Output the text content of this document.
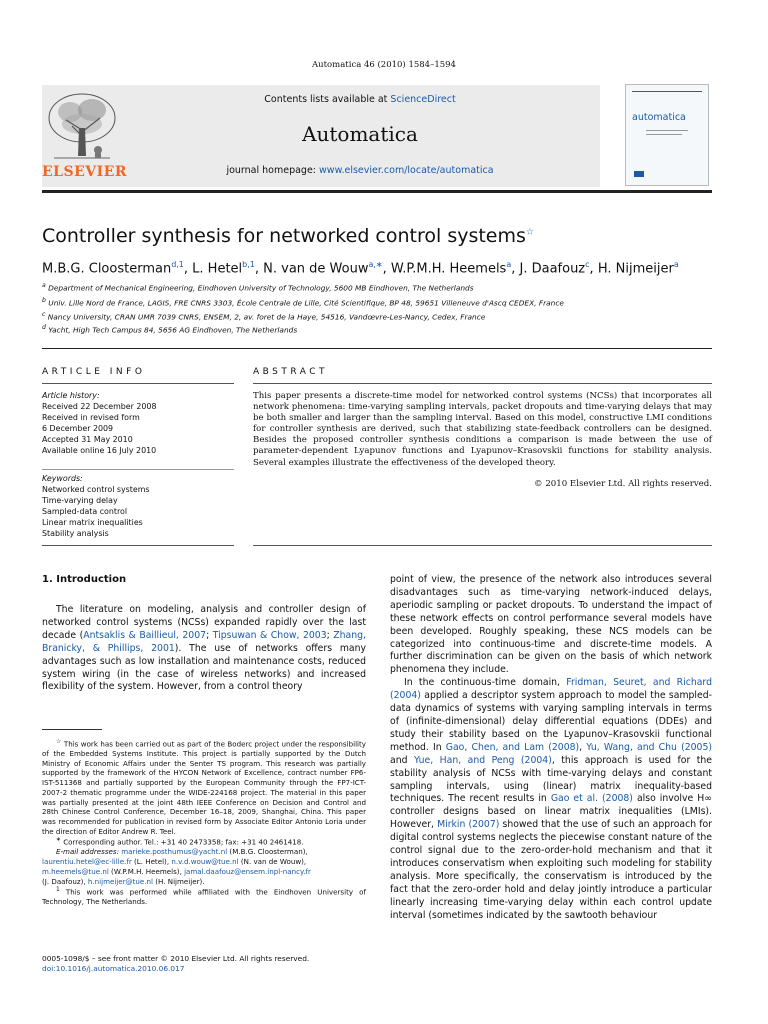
Automatica 46 (2010) 1584–1594
ELSEVIER
Contents lists available at ScienceDirect
Automatica
journal homepage: www.elsevier.com/locate/automatica
automatica
Controller synthesis for networked control systems☆
M.B.G. Cloosterman$^{d,1}$, L. Hetel$^{b,1}$, N. van de Wouw$^{a,∗}$, W.P.M.H. Heemels$^a$, J. Daafouz$^c$, H. Nijmeijer$^a$
$^a$ Department of Mechanical Engineering, Eindhoven University of Technology, 5600 MB Eindhoven, The Netherlands
$^b$ Univ. Lille Nord de France, LAGIS, FRE CNRS 3303, École Centrale de Lille, Cité Scientifique, BP 48, 59651 Villeneuve d'Ascq CEDEX, France
$^c$ Nancy University, CRAN UMR 7039 CNRS, ENSEM, 2, av. foret de la Haye, 54516, Vandœvre-Les-Nancy, Cedex, France
$^d$ Yacht, High Tech Campus 84, 5656 AG Eindhoven, The Netherlands
ARTICLE INFO
Article history:
Received 22 December 2008
Received in revised form
6 December 2009
Accepted 31 May 2010
Available online 16 July 2010
Keywords:
Networked control systems
Time-varying delay
Sampled-data control
Linear matrix inequalities
Stability analysis
ABSTRACT
This paper presents a discrete-time model for networked control systems (NCSs) that incorporates all network phenomena: time-varying sampling intervals, packet dropouts and time-varying delays that may be both smaller and larger than the sampling interval. Based on this model, constructive LMI conditions for controller synthesis are derived, such that stabilizing state-feedback controllers can be designed. Besides the proposed controller synthesis conditions a comparison is made between the use of parameter-dependent Lyapunov functions and Lyapunov–Krasovskii functions for stability analysis. Several examples illustrate the effectiveness of the developed theory.
© 2010 Elsevier Ltd. All rights reserved.
1. Introduction

The literature on modeling, analysis and controller design of networked control systems (NCSs) expanded rapidly over the last decade (Antsaklis & Baillieul, 2007; Tipsuwan & Chow, 2003; Zhang, Branicky, & Phillips, 2001). The use of networks offers many advantages such as low installation and maintenance costs, reduced system wiring (in the case of wireless networks) and increased flexibility of the system. However, from a control theory

☆ This work has been carried out as part of the Boderc project under the responsibility of the Embedded Systems Institute. This project is partially supported by the Dutch Ministry of Economic Affairs under the Senter TS program. This research was partially supported by the framework of the HYCON Network of Excellence, contract number FP6-IST-511368 and partially supported by the European Community through the FP7-ICT-2007-2 thematic programme under the WIDE-224168 project. The material in this paper was partially presented at the joint 48th IEEE Conference on Decision and Control and 28th Chinese Control Conference, December 16–18, 2009, Shanghai, China. This paper was recommended for publication in revised form by Associate Editor Antonio Loria under the direction of Editor Andrew R. Teel.

∗ Corresponding author. Tel.: +31 40 2473358; fax: +31 40 2461418.

E-mail addresses: marieke.posthumus@yacht.nl (M.B.G. Cloosterman),
laurentiu.hetel@ec-lille.fr (L. Hetel), n.v.d.wouw@tue.nl (N. van de Wouw),
m.heemels@tue.nl (W.P.M.H. Heemels), jamal.daafouz@ensem.inpl-nancy.fr
(J. Daafouz), h.nijmeijer@tue.nl (H. Nijmeijer).

$^1$ This work was performed while affiliated with the Eindhoven University of Technology, The Netherlands.

0005-1098/$ – see front matter © 2010 Elsevier Ltd. All rights reserved.
doi:10.1016/j.automatica.2010.06.017

point of view, the presence of the network also introduces several disadvantages such as time-varying network-induced delays, aperiodic sampling or packet dropouts. To understand the impact of these network effects on control performance several models have been developed. Roughly speaking, these NCS models can be categorized into continuous-time and discrete-time models. A further discrimination can be given on the basis of which network phenomena they include.

In the continuous-time domain, Fridman, Seuret, and Richard (2004) applied a descriptor system approach to model the sampled-data dynamics of systems with varying sampling intervals in terms of (infinite-dimensional) delay differential equations (DDEs) and study their stability based on the Lyapunov–Krasovskii functional method. In Gao, Chen, and Lam (2008), Yu, Wang, and Chu (2005) and Yue, Han, and Peng (2004), this approach is used for the stability analysis of NCSs with time-varying delays and constant sampling intervals, using (linear) matrix inequality-based techniques. The recent results in Gao et al. (2008) also involve H∞ controller designs based on linear matrix inequalities (LMIs). However, Mirkin (2007) showed that the use of such an approach for digital control systems neglects the piecewise constant nature of the control signal due to the zero-order-hold mechanism and that it introduces conservatism when exploiting such modeling for stability analysis. More specifically, the conservatism is introduced by the fact that the zero-order hold and delay jointly introduce a particular linearly increasing time-varying delay within each control update interval (sometimes indicated by the sawtooth behaviour
